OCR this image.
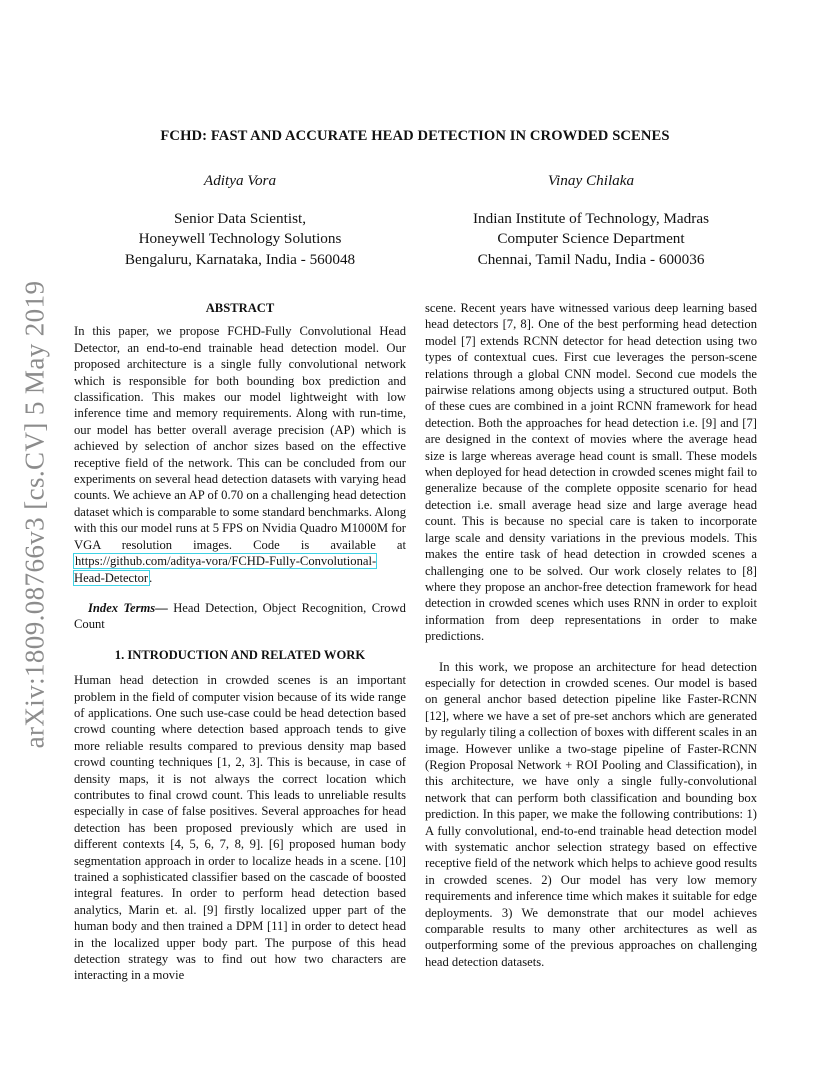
arXiv:1809.08766v3 [cs.CV] 5 May 2019
FCHD: FAST AND ACCURATE HEAD DETECTION IN CROWDED SCENES
Aditya Vora
Senior Data Scientist,
Honeywell Technology Solutions
Bengaluru, Karnataka, India - 560048
Vinay Chilaka
Indian Institute of Technology, Madras
Computer Science Department
Chennai, Tamil Nadu, India - 600036
ABSTRACT

In this paper, we propose FCHD-Fully Convolutional Head Detector, an end-to-end trainable head detection model. Our proposed architecture is a single fully convolutional network which is responsible for both bounding box prediction and classification. This makes our model lightweight with low inference time and memory requirements. Along with run-time, our model has better overall average precision (AP) which is achieved by selection of anchor sizes based on the effective receptive field of the network. This can be concluded from our experiments on several head detection datasets with varying head counts. We achieve an AP of 0.70 on a challenging head detection dataset which is comparable to some standard benchmarks. Along with this our model runs at 5 FPS on Nvidia Quadro M1000M for VGA resolution images. Code is available at https://github.com/aditya-vora/FCHD-Fully-Convolutional-Head-Detector.

Index Terms— Head Detection, Object Recognition, Crowd Count

1. INTRODUCTION AND RELATED WORK

Human head detection in crowded scenes is an important problem in the field of computer vision because of its wide range of applications. One such use-case could be head detection based crowd counting where detection based approach tends to give more reliable results compared to previous density map based crowd counting techniques [1, 2, 3]. This is because, in case of density maps, it is not always the correct location which contributes to final crowd count. This leads to unreliable results especially in case of false positives. Several approaches for head detection has been proposed previously which are used in different contexts [4, 5, 6, 7, 8, 9]. [6] proposed human body segmentation approach in order to localize heads in a scene. [10] trained a sophisticated classifier based on the cascade of boosted integral features. In order to perform head detection based analytics, Marin et. al. [9] firstly localized upper part of the human body and then trained a DPM [11] in order to detect head in the localized upper body part. The purpose of this head detection strategy was to find out how two characters are interacting in a movie

scene. Recent years have witnessed various deep learning based head detectors [7, 8]. One of the best performing head detection model [7] extends RCNN detector for head detection using two types of contextual cues. First cue leverages the person-scene relations through a global CNN model. Second cue models the pairwise relations among objects using a structured output. Both of these cues are combined in a joint RCNN framework for head detection. Both the approaches for head detection i.e. [9] and [7] are designed in the context of movies where the average head size is large whereas average head count is small. These models when deployed for head detection in crowded scenes might fail to generalize because of the complete opposite scenario for head detection i.e. small average head size and large average head count. This is because no special care is taken to incorporate large scale and density variations in the previous models. This makes the entire task of head detection in crowded scenes a challenging one to be solved. Our work closely relates to [8] where they propose an anchor-free detection framework for head detection in crowded scenes which uses RNN in order to exploit information from deep representations in order to make predictions.

In this work, we propose an architecture for head detection especially for detection in crowded scenes. Our model is based on general anchor based detection pipeline like Faster-RCNN [12], where we have a set of pre-set anchors which are generated by regularly tiling a collection of boxes with different scales in an image. However unlike a two-stage pipeline of Faster-RCNN (Region Proposal Network + ROI Pooling and Classification), in this architecture, we have only a single fully-convolutional network that can perform both classification and bounding box prediction. In this paper, we make the following contributions: 1) A fully convolutional, end-to-end trainable head detection model with systematic anchor selection strategy based on effective receptive field of the network which helps to achieve good results in crowded scenes. 2) Our model has very low memory requirements and inference time which makes it suitable for edge deployments. 3) We demonstrate that our model achieves comparable results to many other architectures as well as outperforming some of the previous approaches on challenging head detection datasets.
